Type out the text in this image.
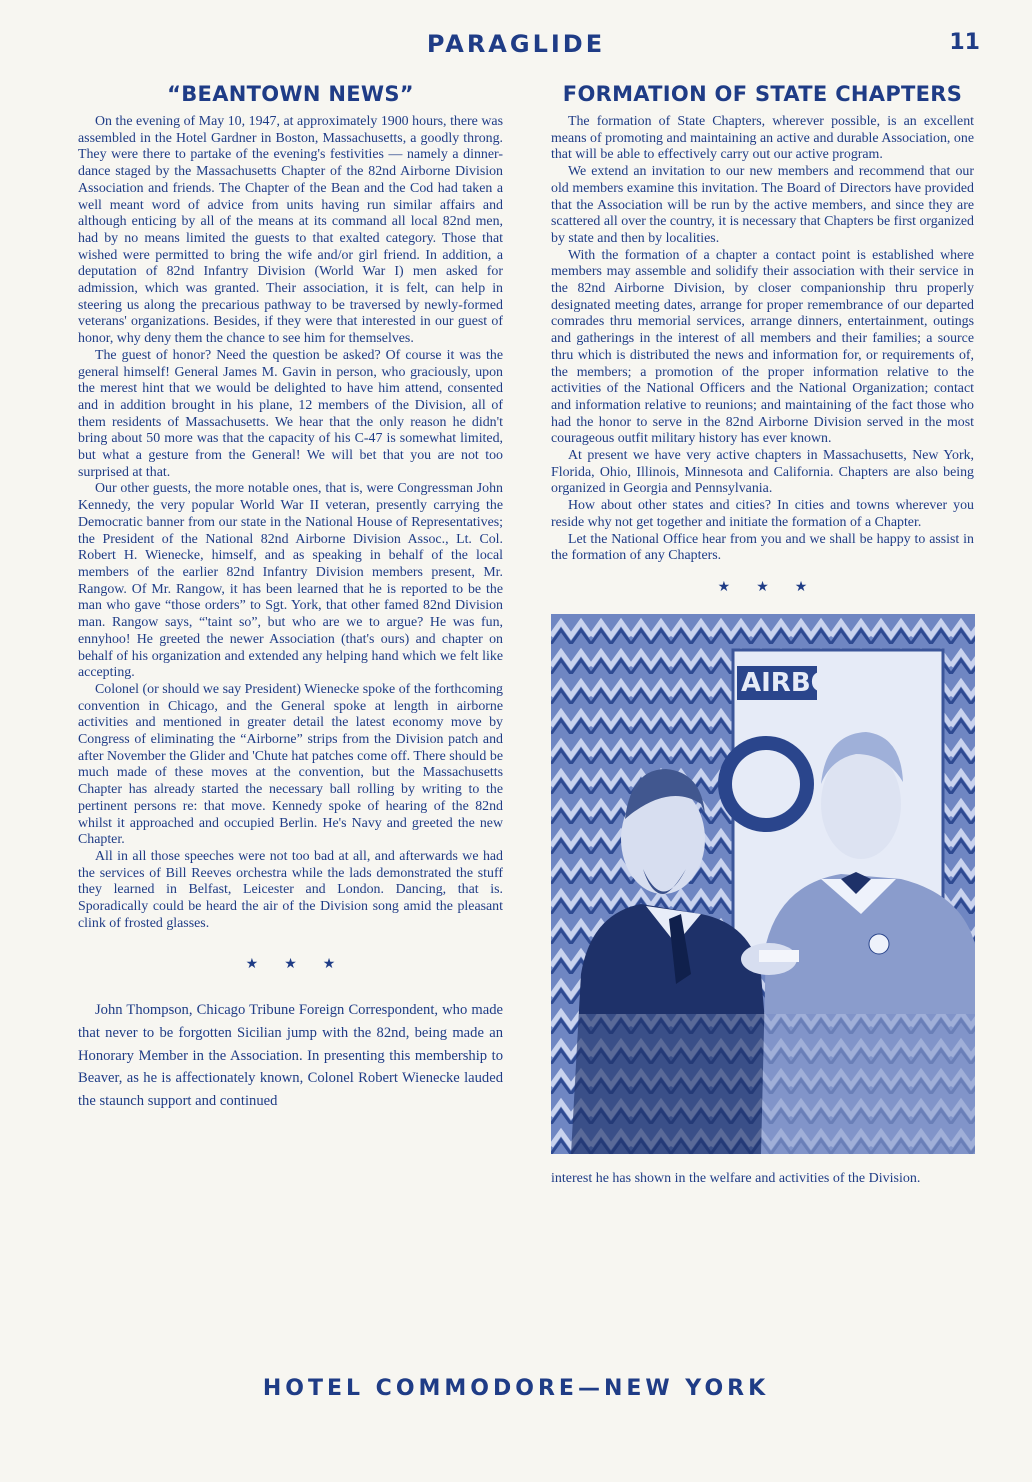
PARAGLIDE	11
“BEANTOWN NEWS”

On the evening of May 10, 1947, at approximately 1900 hours, there was assembled in the Hotel Gardner in Boston, Massachusetts, a goodly throng. They were there to partake of the evening's festivities — namely a dinner-dance staged by the Massachusetts Chapter of the 82nd Airborne Division Association and friends. The Chapter of the Bean and the Cod had taken a well meant word of advice from units having run similar affairs and although enticing by all of the means at its command all local 82nd men, had by no means limited the guests to that exalted category. Those that wished were permitted to bring the wife and/or girl friend. In addition, a deputation of 82nd Infantry Division (World War I) men asked for admission, which was granted. Their association, it is felt, can help in steering us along the precarious pathway to be traversed by newly-formed veterans' organizations. Besides, if they were that interested in our guest of honor, why deny them the chance to see him for themselves.

The guest of honor? Need the question be asked? Of course it was the general himself! General James M. Gavin in person, who graciously, upon the merest hint that we would be delighted to have him attend, consented and in addition brought in his plane, 12 members of the Division, all of them residents of Massachusetts. We hear that the only reason he didn't bring about 50 more was that the capacity of his C-47 is somewhat limited, but what a gesture from the General! We will bet that you are not too surprised at that.

Our other guests, the more notable ones, that is, were Congressman John Kennedy, the very popular World War II veteran, presently carrying the Democratic banner from our state in the National House of Representatives; the President of the National 82nd Airborne Division Assoc., Lt. Col. Robert H. Wienecke, himself, and as speaking in behalf of the local members of the earlier 82nd Infantry Division members present, Mr. Rangow. Of Mr. Rangow, it has been learned that he is reported to be the man who gave “those orders” to Sgt. York, that other famed 82nd Division man. Rangow says, “'taint so”, but who are we to argue? He was fun, ennyhoo! He greeted the newer Association (that's ours) and chapter on behalf of his organization and extended any helping hand which we felt like accepting.

Colonel (or should we say President) Wienecke spoke of the forthcoming convention in Chicago, and the General spoke at length in airborne activities and mentioned in greater detail the latest economy move by Congress of eliminating the “Airborne” strips from the Division patch and after November the Glider and 'Chute hat patches come off. There should be much made of these moves at the convention, but the Massachusetts Chapter has already started the necessary ball rolling by writing to the pertinent persons re: that move. Kennedy spoke of hearing of the 82nd whilst it approached and occupied Berlin. He's Navy and greeted the new Chapter.

All in all those speeches were not too bad at all, and afterwards we had the services of Bill Reeves orchestra while the lads demonstrated the stuff they learned in Belfast, Leicester and London. Dancing, that is. Sporadically could be heard the air of the Division song amid the pleasant clink of frosted glasses.

★★★

John Thompson, Chicago Tribune Foreign Correspondent, who made that never to be forgotten Sicilian jump with the 82nd, being made an Honorary Member in the Association. In presenting this membership to Beaver, as he is affectionately known, Colonel Robert Wienecke lauded the staunch support and continued

FORMATION OF STATE CHAPTERS

The formation of State Chapters, wherever possible, is an excellent means of promoting and maintaining an active and durable Association, one that will be able to effectively carry out our active program.

We extend an invitation to our new members and recommend that our old members examine this invitation. The Board of Directors have provided that the Association will be run by the active members, and since they are scattered all over the country, it is necessary that Chapters be first organized by state and then by localities.

With the formation of a chapter a contact point is established where members may assemble and solidify their association with their service in the 82nd Airborne Division, by closer companionship thru properly designated meeting dates, arrange for proper remembrance of our departed comrades thru memorial services, arrange dinners, entertainment, outings and gatherings in the interest of all members and their families; a source thru which is distributed the news and information for, or requirements of, the members; a promotion of the proper information relative to the activities of the National Officers and the National Organization; contact and information relative to reunions; and maintaining of the fact those who had the honor to serve in the 82nd Airborne Division served in the most courageous outfit military history has ever known.

At present we have very active chapters in Massachusetts, New York, Florida, Ohio, Illinois, Minnesota and California. Chapters are also being organized in Georgia and Pennsylvania.

How about other states and cities? In cities and towns wherever you reside why not get together and initiate the formation of a Chapter.

Let the National Office hear from you and we shall be happy to assist in the formation of any Chapters.

★★★
AIRBOR

interest he has shown in the welfare and activities of the Division.

HOTEL COMMODORE—NEW YORK
